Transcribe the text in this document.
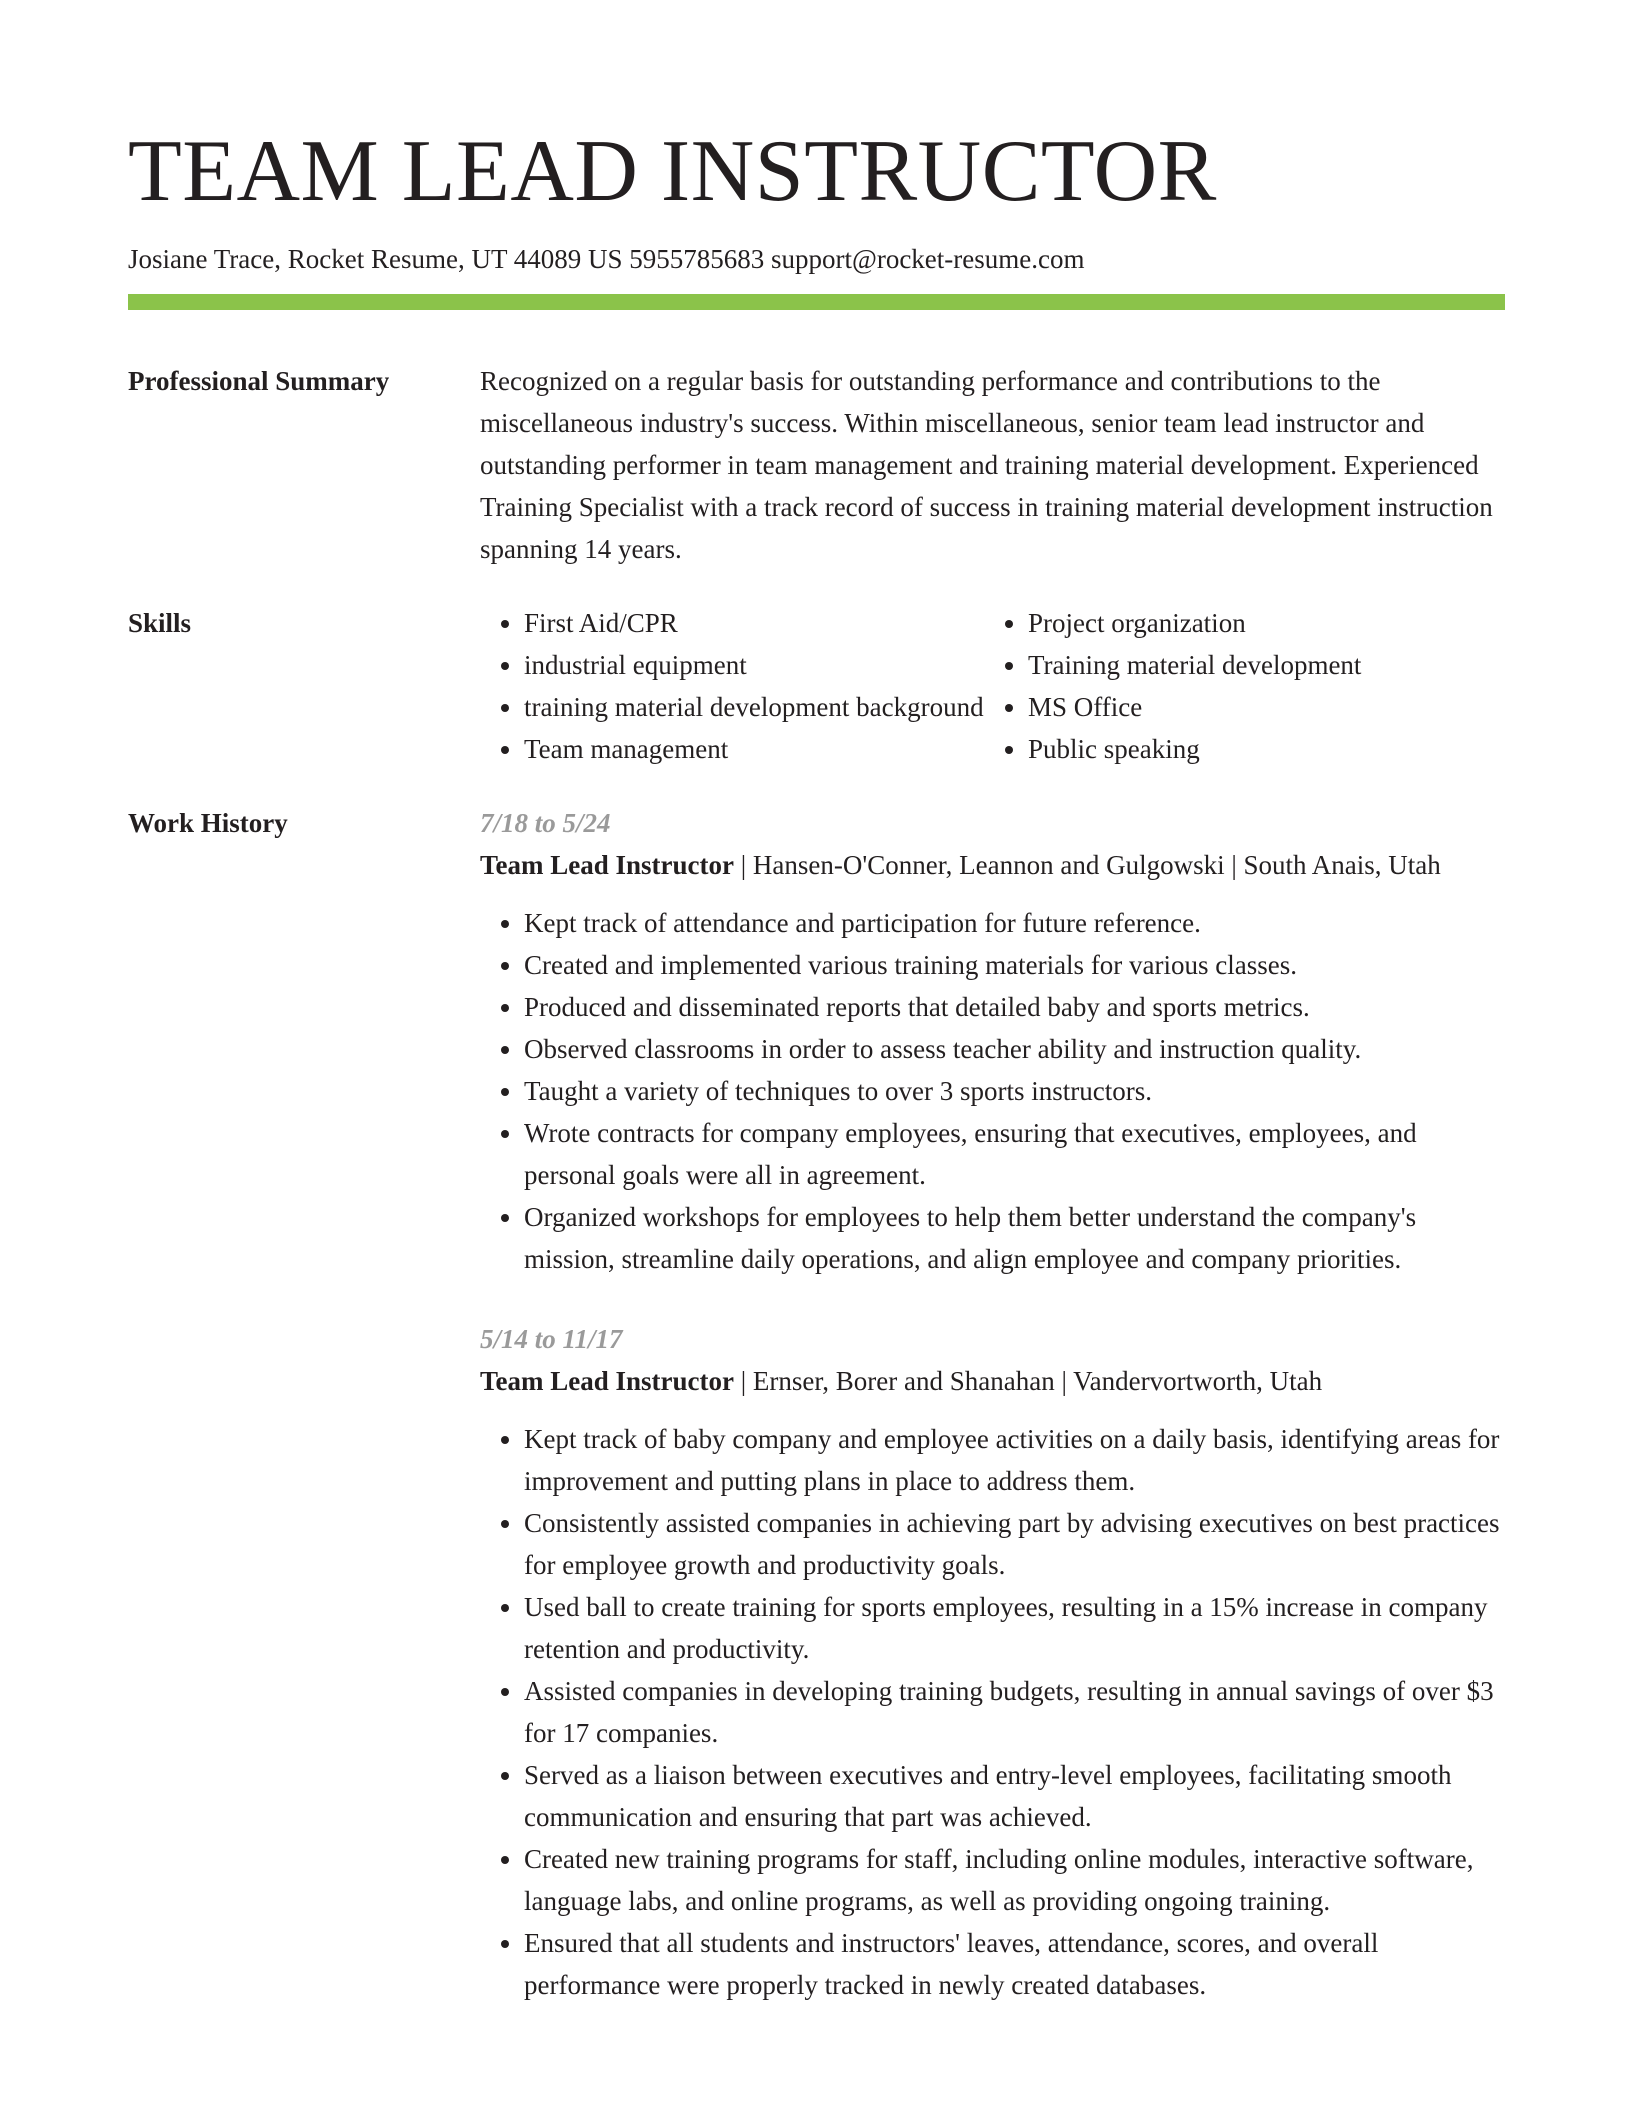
TEAM LEAD INSTRUCTOR
Josiane Trace, Rocket Resume, UT 44089 US 5955785683 support@rocket-resume.com
Professional Summary	Recognized on a regular basis for outstanding performance and contributions to the miscellaneous industry's success. Within miscellaneous, senior team lead instructor and outstanding performer in team management and training material development. Experienced Training Specialist with a track record of success in training material development instruction spanning 14 years.

Skills
•	First Aid/CPR
• industrial equipment
• training material development background
• Team management
• Project organization
• Training material development
• MS Office
• Public speaking
Work History	7/18 to 5/24

Team Lead Instructor | Hansen-O'Conner, Leannon and Gulgowski | South Anais, Utah

• Kept track of attendance and participation for future reference.
• Created and implemented various training materials for various classes.
• Produced and disseminated reports that detailed baby and sports metrics.
• Observed classrooms in order to assess teacher ability and instruction quality.
• Taught a variety of techniques to over 3 sports instructors.
• Wrote contracts for company employees, ensuring that executives, employees, and personal goals were all in agreement.
• Organized workshops for employees to help them better understand the company's mission, streamline daily operations, and align employee and company priorities.
5/14 to 11/17

Team Lead Instructor | Ernser, Borer and Shanahan | Vandervortworth, Utah

• Kept track of baby company and employee activities on a daily basis, identifying areas for improvement and putting plans in place to address them.
• Consistently assisted companies in achieving part by advising executives on best practices for employee growth and productivity goals.
• Used ball to create training for sports employees, resulting in a 15% increase in company retention and productivity.
• Assisted companies in developing training budgets, resulting in annual savings of over $3 for 17 companies.
• Served as a liaison between executives and entry-level employees, facilitating smooth communication and ensuring that part was achieved.
• Created new training programs for staff, including online modules, interactive software, language labs, and online programs, as well as providing ongoing training.
• Ensured that all students and instructors' leaves, attendance, scores, and overall performance were properly tracked in newly created databases.
